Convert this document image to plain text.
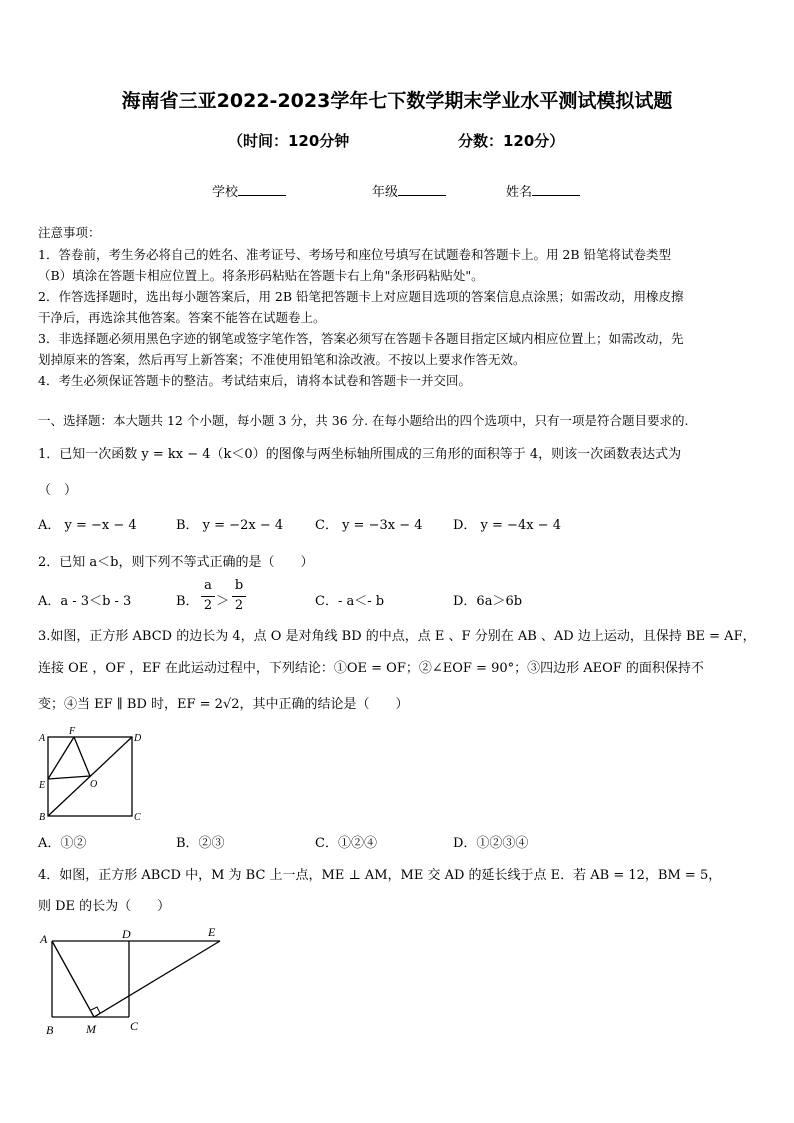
海南省三亚2022-2023学年七下数学期末学业水平测试模拟试题
（时间：120分钟	分数：120分）
学校	年级	姓名
注意事项：
1．答卷前，考生务必将自己的姓名、准考证号、考场号和座位号填写在试题卷和答题卡上。用 2B 铅笔将试卷类型
（B）填涂在答题卡相应位置上。将条形码粘贴在答题卡右上角"条形码粘贴处"。
2．作答选择题时，选出每小题答案后，用 2B 铅笔把答题卡上对应题目选项的答案信息点涂黑；如需改动，用橡皮擦
干净后，再选涂其他答案。答案不能答在试题卷上。
3．非选择题必须用黑色字迹的钢笔或签字笔作答，答案必须写在答题卡各题目指定区域内相应位置上；如需改动，先
划掉原来的答案，然后再写上新答案；不准使用铅笔和涂改液。不按以上要求作答无效。
4．考生必须保证答题卡的整洁。考试结束后，请将本试卷和答题卡一并交回。
一、选择题：本大题共 12 个小题，每小题 3 分，共 36 分. 在每小题给出的四个选项中，只有一项是符合题目要求的.
1．已知一次函数 y = kx − 4（k＜0）的图像与两坐标轴所围成的三角形的面积等于 4，则该一次函数表达式为
（　）
A． y = −x − 4	B． y = −2x − 4 C． y = −3x − 4 D． y = −4x − 4
2．已知 a＜b，则下列不等式正确的是（　　）
A．a - 3＜b - 3	B．
a
2 ＞
b
2	C．- a＜- b	D．6a＞6b
3.如图，正方形 ABCD 的边长为 4，点 O 是对角线 BD 的中点，点 E 、F 分别在 AB 、AD 边上运动，且保持 BE = AF，
连接 OE ，OF ，EF 在此运动过程中，下列结论：①OE = OF；②∠EOF = 90°；③四边形 AEOF 的面积保持不
变；④当 EF ∥ BD 时，EF = 2√2，其中正确的结论是（　　）
A
F
D
O
E
B	C
A．①②	B．②③	C．①②④	D．①②③④
4．如图，正方形 ABCD 中，M 为 BC 上一点，ME ⊥ AM，ME 交 AD 的延长线于点 E．若 AB = 12，BM = 5，
则 DE 的长为（　　）
A	D	E
B	M	C
